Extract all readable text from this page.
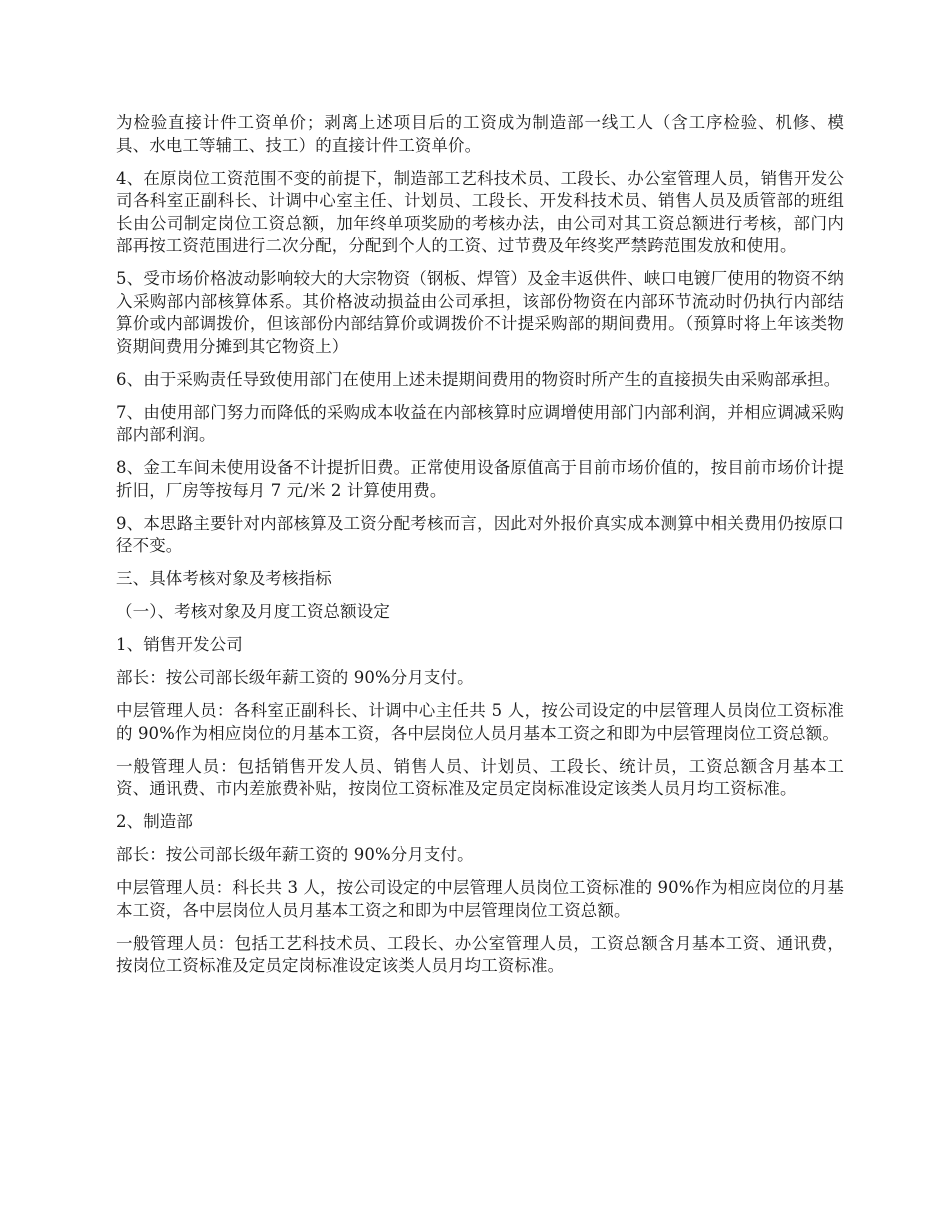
为检验直接计件工资单价；剥离上述项目后的工资成为制造部一线工人（含工序检验、机修、模具、水电工等辅工、技工）的直接计件工资单价。

4、在原岗位工资范围不变的前提下，制造部工艺科技术员、工段长、办公室管理人员，销售开发公司各科室正副科长、计调中心室主任、计划员、工段长、开发科技术员、销售人员及质管部的班组长由公司制定岗位工资总额，加年终单项奖励的考核办法，由公司对其工资总额进行考核，部门内部再按工资范围进行二次分配，分配到个人的工资、过节费及年终奖严禁跨范围发放和使用。

5、受市场价格波动影响较大的大宗物资（钢板、焊管）及金丰返供件、峡口电镀厂使用的物资不纳入采购部内部核算体系。其价格波动损益由公司承担，该部份物资在内部环节流动时仍执行内部结算价或内部调拨价，但该部份内部结算价或调拨价不计提采购部的期间费用。（预算时将上年该类物资期间费用分摊到其它物资上）

6、由于采购责任导致使用部门在使用上述未提期间费用的物资时所产生的直接损失由采购部承担。

7、由使用部门努力而降低的采购成本收益在内部核算时应调增使用部门内部利润，并相应调减采购部内部利润。

8、金工车间未使用设备不计提折旧费。正常使用设备原值高于目前市场价值的，按目前市场价计提折旧，厂房等按每月 7 元/米 2 计算使用费。

9、本思路主要针对内部核算及工资分配考核而言，因此对外报价真实成本测算中相关费用仍按原口径不变。

三、具体考核对象及考核指标

（一）、考核对象及月度工资总额设定

1、销售开发公司

部长：按公司部长级年薪工资的 90%分月支付。

中层管理人员：各科室正副科长、计调中心主任共 5 人，按公司设定的中层管理人员岗位工资标准的 90%作为相应岗位的月基本工资，各中层岗位人员月基本工资之和即为中层管理岗位工资总额。

一般管理人员：包括销售开发人员、销售人员、计划员、工段长、统计员，工资总额含月基本工资、通讯费、市内差旅费补贴，按岗位工资标准及定员定岗标准设定该类人员月均工资标准。

2、制造部

部长：按公司部长级年薪工资的 90%分月支付。

中层管理人员：科长共 3 人，按公司设定的中层管理人员岗位工资标准的 90%作为相应岗位的月基本工资，各中层岗位人员月基本工资之和即为中层管理岗位工资总额。

一般管理人员：包括工艺科技术员、工段长、办公室管理人员，工资总额含月基本工资、通讯费，按岗位工资标准及定员定岗标准设定该类人员月均工资标准。
